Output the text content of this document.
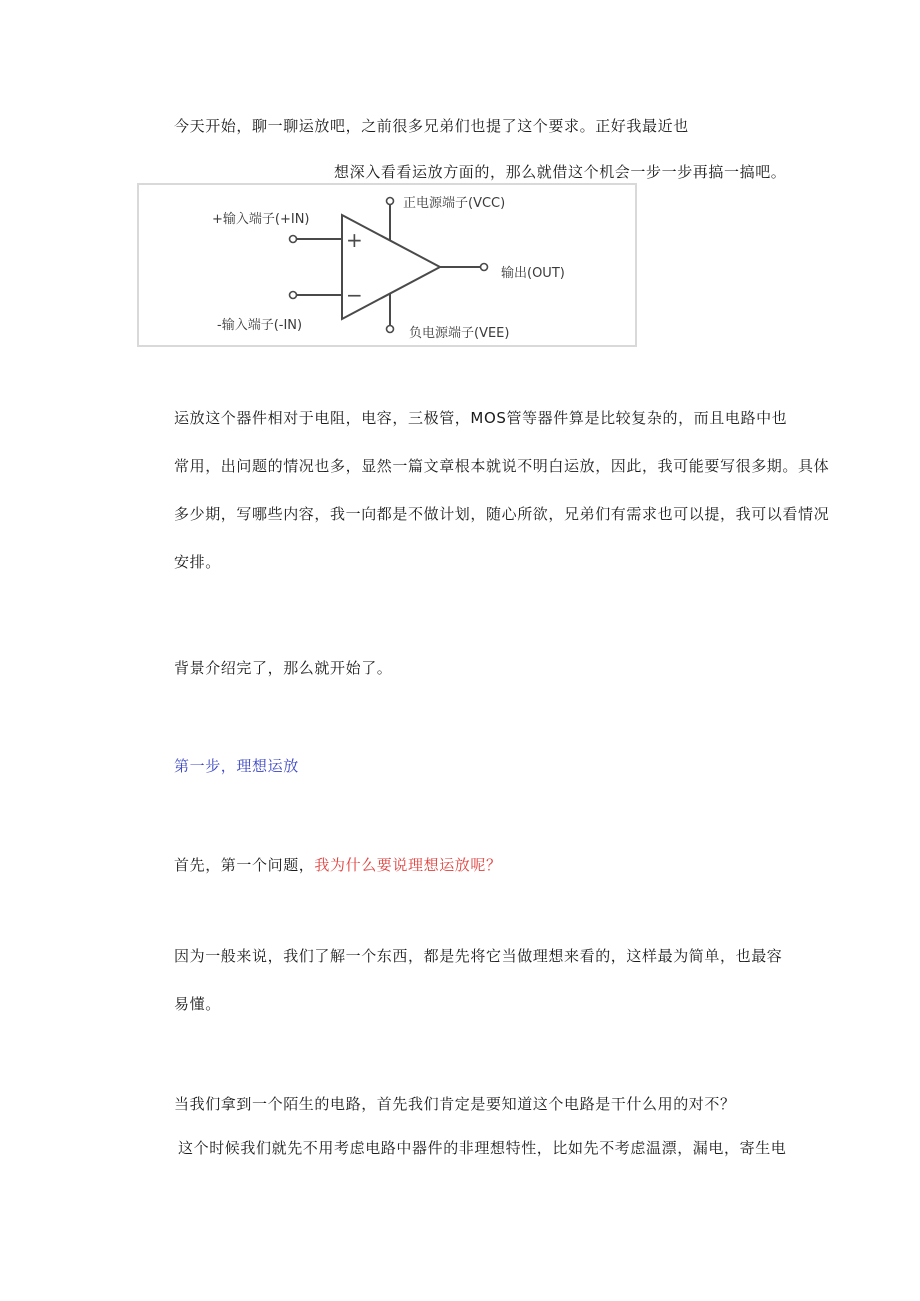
今天开始，聊一聊运放吧，之前很多兄弟们也提了这个要求。正好我最近也
想深入看看运放方面的，那么就借这个机会一步一步再搞一搞吧。
+
−
正电源端子(VCC)
+输入端子(+IN)
输出(OUT)
-输入端子(-IN)
负电源端子(VEE)
运放这个器件相对于电阻，电容，三极管，MOS管等器件算是比较复杂的，而且电路中也
常用，出问题的情况也多，显然一篇文章根本就说不明白运放，因此，我可能要写很多期。具体
多少期，写哪些内容，我一向都是不做计划，随心所欲，兄弟们有需求也可以提，我可以看情况
安排。
背景介绍完了，那么就开始了。
第一步，理想运放
首先，第一个问题，我为什么要说理想运放呢？
因为一般来说，我们了解一个东西，都是先将它当做理想来看的，这样最为简单，也最容
易懂。
当我们拿到一个陌生的电路，首先我们肯定是要知道这个电路是干什么用的对不？
这个时候我们就先不用考虑电路中器件的非理想特性，比如先不考虑温漂，漏电，寄生电
